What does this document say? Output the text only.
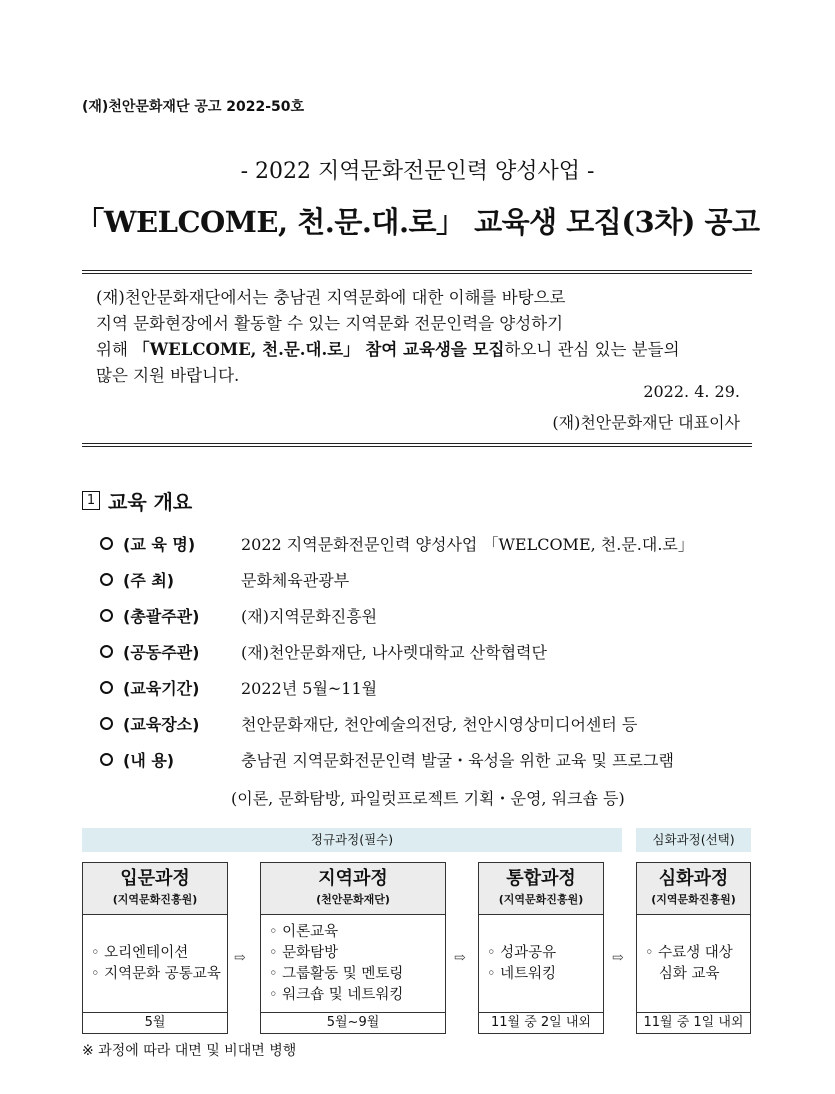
(재)천안문화재단 공고 2022-50호
- 2022 지역문화전문인력 양성사업 -
「WELCOME, 천.문.대.로」 교육생 모집(3차) 공고
(재)천안문화재단에서는 충남권 지역문화에 대한 이해를 바탕으로
지역 문화현장에서 활동할 수 있는 지역문화 전문인력을 양성하기
위해 「WELCOME, 천.문.대.로」 참여 교육생을 모집하오니 관심 있는 분들의
많은 지원 바랍니다.
2022. 4. 29.
(재)천안문화재단 대표이사
1 교육 개요
(교 육 명)	2022 지역문화전문인력 양성사업 「WELCOME, 천.문.대.로」
(주 최)	문화체육관광부
(총괄주관)	(재)지역문화진흥원
(공동주관)	(재)천안문화재단, 나사렛대학교 산학협력단
(교육기간)	2022년 5월~11월
(교육장소)	천안문화재단, 천안예술의전당, 천안시영상미디어센터 등
(내 용)	충남권 지역문화전문인력 발굴・육성을 위한 교육 및 프로그램
(이론, 문화탐방, 파일럿프로젝트 기획・운영, 워크숍 등)
정규과정(필수)	심화과정(선택)
입문과정
(지역문화진흥원)
◦ 오리엔테이션
◦ 지역문화 공통교육
5월
지역과정
(천안문화재단)
◦ 이론교육
◦ 문화탐방
◦ 그룹활동 및 멘토링
◦ 워크숍 및 네트워킹
5월~9월
통합과정
(지역문화진흥원)
◦ 성과공유
◦ 네트워킹
11월 중 2일 내외
심화과정
(지역문화진흥원)
◦ 수료생 대상
심화 교육
11월 중 1일 내외
⇨	⇨	⇨
※ 과정에 따라 대면 및 비대면 병행
